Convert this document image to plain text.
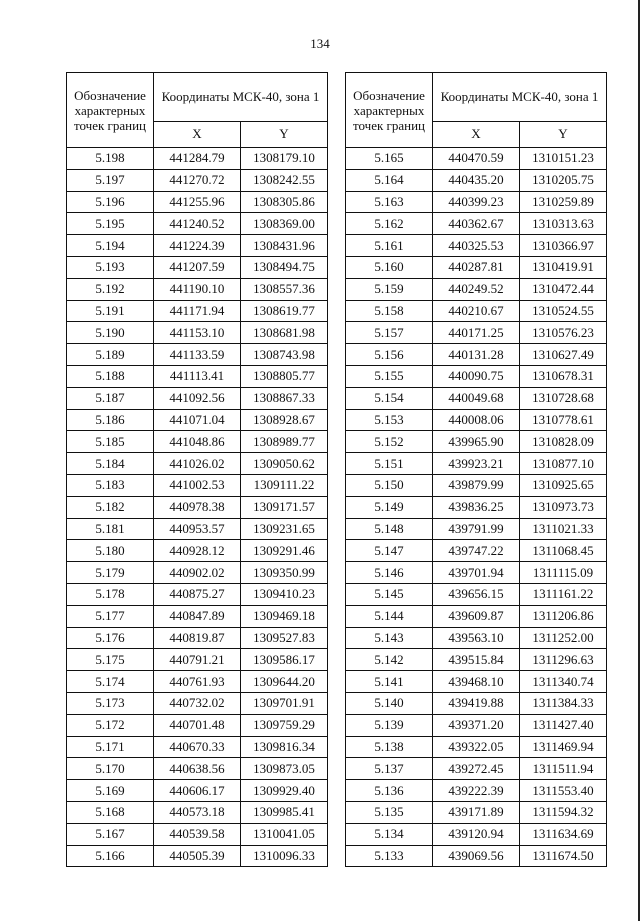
134
Обозначение характерных точек границ	Координаты МСК-40, зона 1	
	X	Y
5.198	441284.79	1308179.10
5.197	441270.72	1308242.55
5.196	441255.96	1308305.86
5.195	441240.52	1308369.00
5.194	441224.39	1308431.96
5.193	441207.59	1308494.75
5.192	441190.10	1308557.36
5.191	441171.94	1308619.77
5.190	441153.10	1308681.98
5.189	441133.59	1308743.98
5.188	441113.41	1308805.77
5.187	441092.56	1308867.33
5.186	441071.04	1308928.67
5.185	441048.86	1308989.77
5.184	441026.02	1309050.62
5.183	441002.53	1309111.22
5.182	440978.38	1309171.57
5.181	440953.57	1309231.65
5.180	440928.12	1309291.46
5.179	440902.02	1309350.99
5.178	440875.27	1309410.23
5.177	440847.89	1309469.18
5.176	440819.87	1309527.83
5.175	440791.21	1309586.17
5.174	440761.93	1309644.20
5.173	440732.02	1309701.91
5.172	440701.48	1309759.29
5.171	440670.33	1309816.34
5.170	440638.56	1309873.05
5.169	440606.17	1309929.40
5.168	440573.18	1309985.41
5.167	440539.58	1310041.05
5.166	440505.39	1310096.33
Обозначение характерных точек границ	Координаты МСК-40, зона 1	
	X	Y
5.165	440470.59	1310151.23
5.164	440435.20	1310205.75
5.163	440399.23	1310259.89
5.162	440362.67	1310313.63
5.161	440325.53	1310366.97
5.160	440287.81	1310419.91
5.159	440249.52	1310472.44
5.158	440210.67	1310524.55
5.157	440171.25	1310576.23
5.156	440131.28	1310627.49
5.155	440090.75	1310678.31
5.154	440049.68	1310728.68
5.153	440008.06	1310778.61
5.152	439965.90	1310828.09
5.151	439923.21	1310877.10
5.150	439879.99	1310925.65
5.149	439836.25	1310973.73
5.148	439791.99	1311021.33
5.147	439747.22	1311068.45
5.146	439701.94	1311115.09
5.145	439656.15	1311161.22
5.144	439609.87	1311206.86
5.143	439563.10	1311252.00
5.142	439515.84	1311296.63
5.141	439468.10	1311340.74
5.140	439419.88	1311384.33
5.139	439371.20	1311427.40
5.138	439322.05	1311469.94
5.137	439272.45	1311511.94
5.136	439222.39	1311553.40
5.135	439171.89	1311594.32
5.134	439120.94	1311634.69
5.133	439069.56	1311674.50
